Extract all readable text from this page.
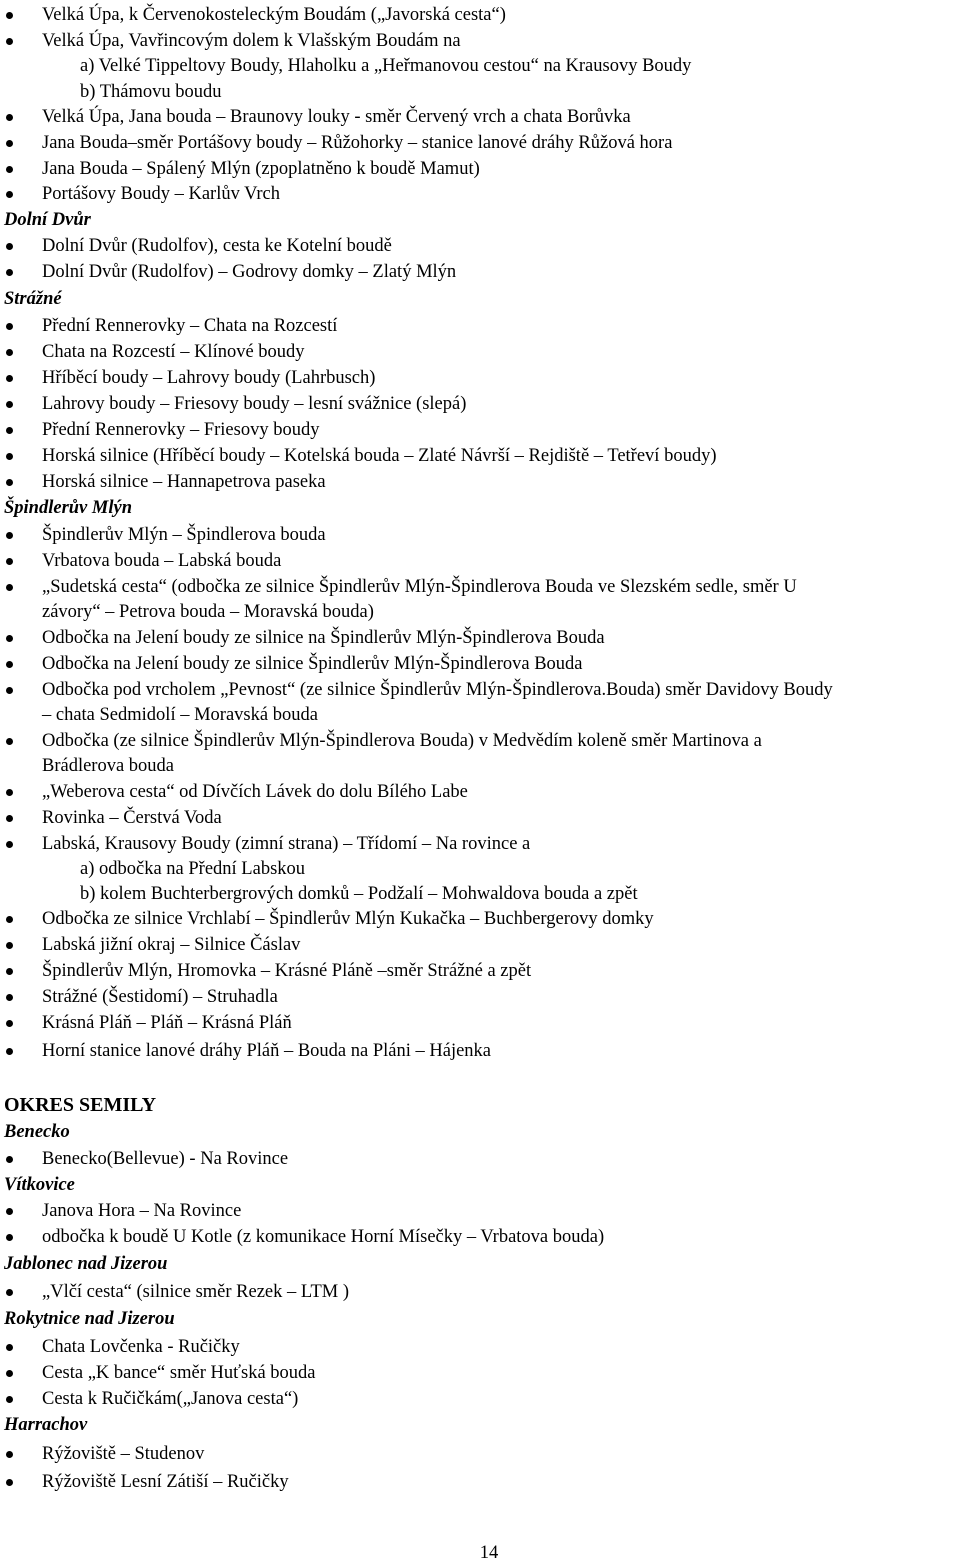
Velká Úpa, k Červenokosteleckým Boudám („Javorská cesta“)
Velká Úpa, Vavřincovým dolem k Vlašským Boudám na
a) Velké Tippeltovy Boudy, Hlaholku a „Heřmanovou cestou“ na Krausovy Boudy
b) Thámovu boudu
Velká Úpa, Jana bouda – Braunovy louky - směr Červený vrch a chata Borůvka
Jana Bouda–směr Portášovy boudy – Růžohorky – stanice lanové dráhy Růžová hora
Jana Bouda – Spálený Mlýn (zpoplatněno k boudě Mamut)
Portášovy Boudy – Karlův Vrch
Dolní Dvůr
Dolní Dvůr (Rudolfov), cesta ke Kotelní boudě
Dolní Dvůr (Rudolfov) – Godrovy domky – Zlatý Mlýn
Strážné
Přední Rennerovky – Chata na Rozcestí
Chata na Rozcestí – Klínové boudy
Hříběcí boudy – Lahrovy boudy (Lahrbusch)
Lahrovy boudy – Friesovy boudy – lesní svážnice (slepá)
Přední Rennerovky – Friesovy boudy
Horská silnice (Hříběcí boudy – Kotelská bouda – Zlaté Návrší – Rejdiště – Tetřeví boudy)
Horská silnice – Hannapetrova paseka
Špindlerův Mlýn
Špindlerův Mlýn – Špindlerova bouda
Vrbatova bouda – Labská bouda
„Sudetská cesta“ (odbočka ze silnice Špindlerův Mlýn-Špindlerova Bouda ve Slezském sedle, směr U
závory“ – Petrova bouda – Moravská bouda)
Odbočka na Jelení boudy ze silnice na Špindlerův Mlýn-Špindlerova Bouda
Odbočka na Jelení boudy ze silnice Špindlerův Mlýn-Špindlerova Bouda
Odbočka pod vrcholem „Pevnost“ (ze silnice Špindlerův Mlýn-Špindlerova.Bouda) směr Davidovy Boudy
– chata Sedmidolí – Moravská bouda
Odbočka (ze silnice Špindlerův Mlýn-Špindlerova Bouda) v Medvědím koleně směr Martinova a
Brádlerova bouda
„Weberova cesta“ od Dívčích Lávek do dolu Bílého Labe
Rovinka – Čerstvá Voda
Labská, Krausovy Boudy (zimní strana) – Třídomí – Na rovince a
a) odbočka na Přední Labskou
b) kolem Buchterbergrových domků – Podžalí – Mohwaldova bouda a zpět
Odbočka ze silnice Vrchlabí – Špindlerův Mlýn Kukačka – Buchbergerovy domky
Labská jižní okraj – Silnice Čáslav
Špindlerův Mlýn, Hromovka – Krásné Pláně –směr Strážné a zpět
Strážné (Šestidomí) – Struhadla
Krásná Pláň – Pláň – Krásná Pláň
Horní stanice lanové dráhy Pláň – Bouda na Pláni – Hájenka
OKRES SEMILY
Benecko
Benecko(Bellevue) - Na Rovince
Vítkovice
Janova Hora – Na Rovince
odbočka k boudě U Kotle (z komunikace Horní Mísečky – Vrbatova bouda)
Jablonec nad Jizerou
„Vlčí cesta“ (silnice směr Rezek – LTM )
Rokytnice nad Jizerou
Chata Lovčenka - Ručičky
Cesta „K bance“ směr Huťská bouda
Cesta k Ručičkám(„Janova cesta“)
Harrachov
Rýžoviště – Studenov
Rýžoviště Lesní Zátiší – Ručičky
14
